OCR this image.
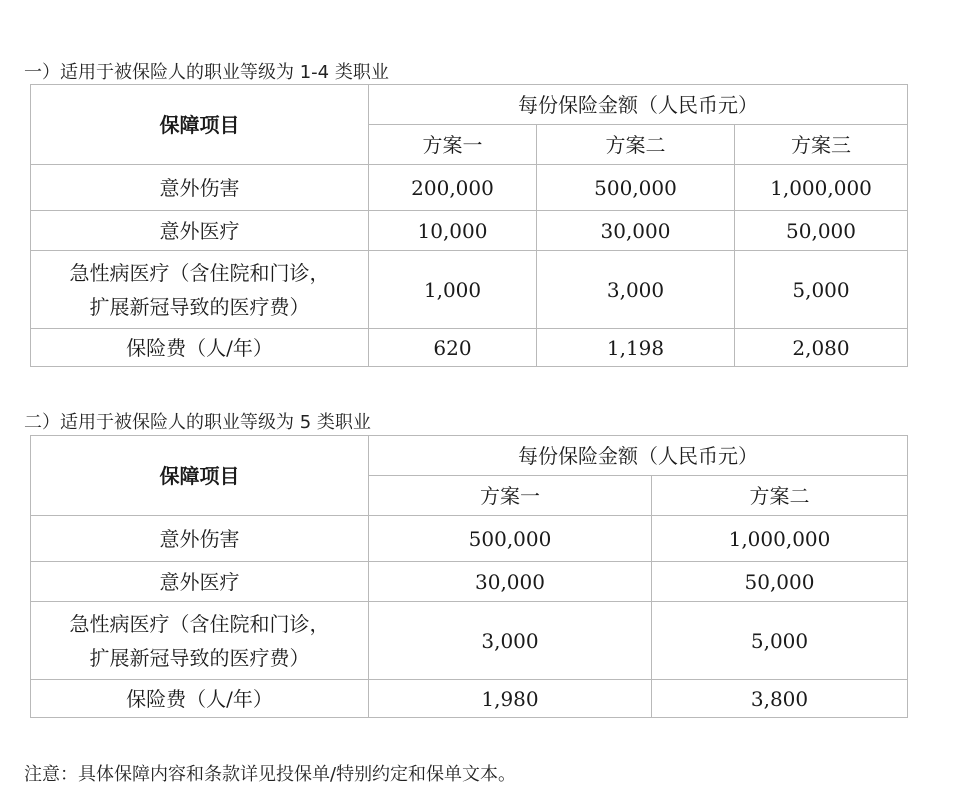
一）适用于被保险人的职业等级为 1-4 类职业
保障项目	每份保险金额（人民币元）		
	方案一	方案二	方案三
意外伤害	200,000	500,000	1,000,000
意外医疗	10,000	30,000	50,000

急性病医疗（含住院和门诊，
扩展新冠导致的医疗费）	1,000	3,000	5,000
保险费（人/年）	620	1,198	2,080
二）适用于被保险人的职业等级为 5 类职业
保障项目	每份保险金额（人民币元）	
	方案一	方案二
意外伤害	500,000	1,000,000
意外医疗	30,000	50,000

急性病医疗（含住院和门诊，
扩展新冠导致的医疗费）	3,000	5,000
保险费（人/年）	1,980	3,800
注意：具体保障内容和条款详见投保单/特别约定和保单文本。
